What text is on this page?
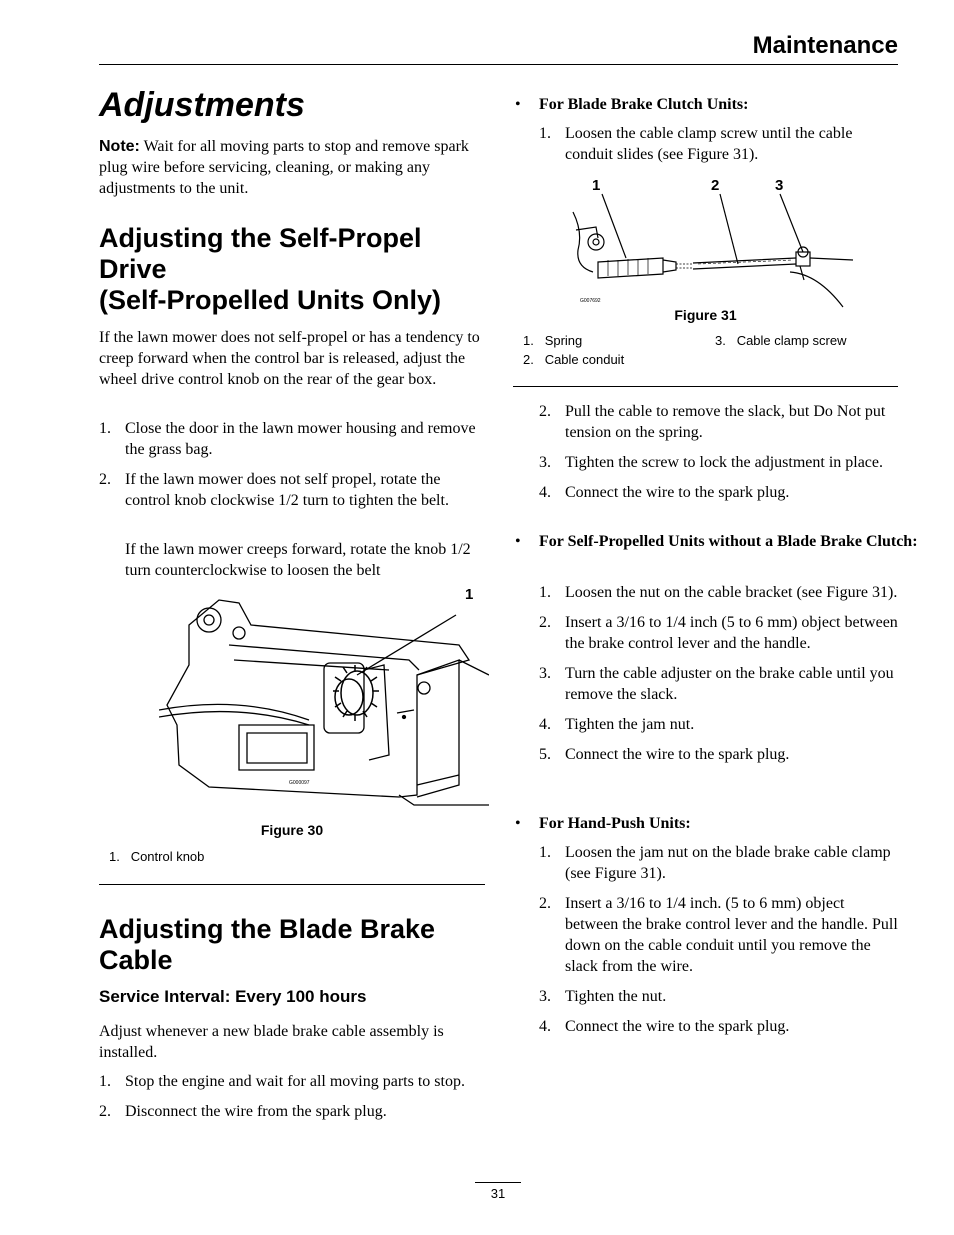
Maintenance
Adjustments

Note: Wait for all moving parts to stop and remove spark plug wire before servicing, cleaning, or making any adjustments to the unit.

Adjusting the Self-Propel Drive
(Self-Propelled Units Only)

If the lawn mower does not self-propel or has a tendency to creep forward when the control bar is released, adjust the wheel drive control knob on the rear of the gear box.

1. Close the door in the lawn mower housing and remove the grass bag.
2. If the lawn mower does not self propel, rotate the control knob clockwise 1/2 turn to tighten the belt.

If the lawn mower creeps forward, rotate the knob 1/2 turn counterclockwise to loosen the belt

G000097
1
Figure 30
1. Control knob
Adjusting the Blade Brake Cable
Service Interval: Every 100 hours

Adjust whenever a new blade brake cable assembly is installed.

1. Stop the engine and wait for all moving parts to stop.
2. Disconnect the wire from the spark plug.
• For Blade Brake Clutch Units:
1. Loosen the cable clamp screw until the cable conduit slides (see Figure 31).
G007692
1	2	3
Figure 31
1. Spring	3. Cable clamp screw
2. Cable conduit
2. Pull the cable to remove the slack, but Do Not put tension on the spring.
3. Tighten the screw to lock the adjustment in place.
4. Connect the wire to the spark plug.
• For Self-Propelled Units without a Blade Brake Clutch:
1. Loosen the nut on the cable bracket (see Figure 31).
2. Insert a 3/16 to 1/4 inch (5 to 6 mm) object between the brake control lever and the handle.
3. Turn the cable adjuster on the brake cable until you remove the slack.
4. Tighten the jam nut.
5. Connect the wire to the spark plug.
• For Hand-Push Units:
1. Loosen the jam nut on the blade brake cable clamp (see Figure 31).
2. Insert a 3/16 to 1/4 inch. (5 to 6 mm) object between the brake control lever and the handle. Pull down on the cable conduit until you remove the slack from the wire.
3. Tighten the nut.
4. Connect the wire to the spark plug.
31
